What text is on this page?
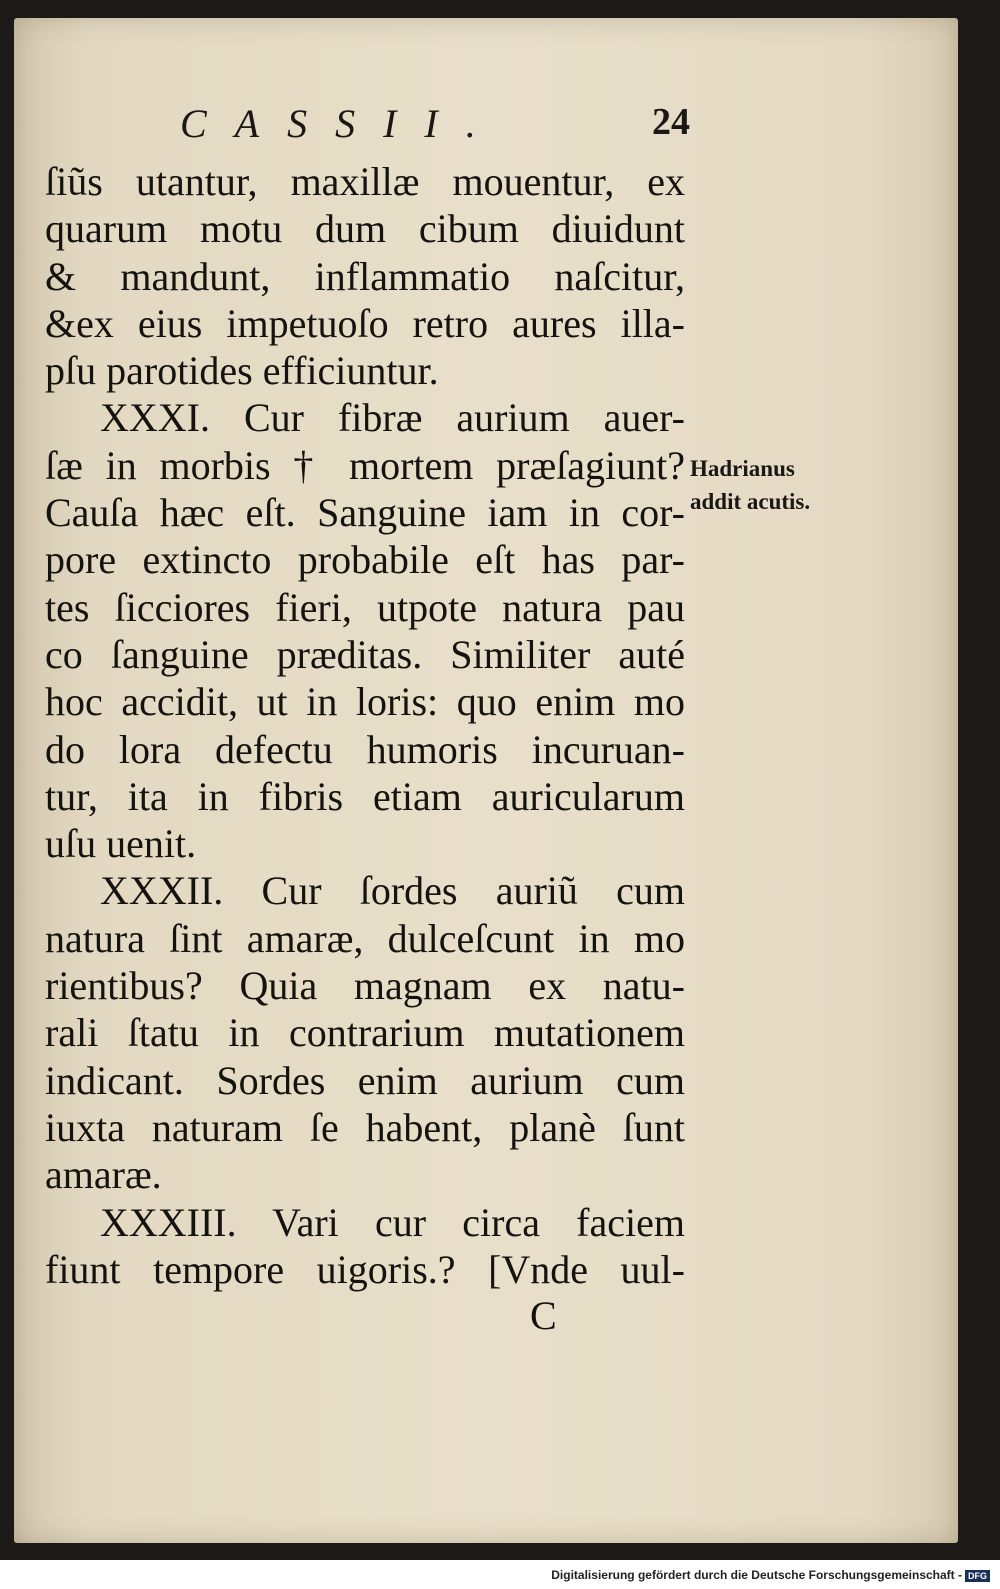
CASSII.	24
ſiũs utantur, maxillæ mouentur, ex
quarum motu dum cibum diuidunt
& mandunt, inflammatio naſcitur,
&ex eius impetuoſo retro aures illa-
pſu parotides efficiuntur.
XXXI. Cur fibræ aurium auer-
ſæ in morbis † mortem præſagiunt?
Cauſa hæc eſt. Sanguine iam in cor-
pore extincto probabile eſt has par-
tes ſicciores fieri, utpote natura pau
co ſanguine præditas. Similiter auté
hoc accidit, ut in loris: quo enim mo
do lora defectu humoris incuruan-
tur, ita in fibris etiam auricularum
uſu uenit.
XXXII. Cur ſordes auriũ cum
natura ſint amaræ, dulceſcunt in mo
rientibus? Quia magnam ex natu-
rali ſtatu in contrarium mutationem
indicant. Sordes enim aurium cum
iuxta naturam ſe habent, planè ſunt
amaræ.
XXXIII. Vari cur circa faciem
fiunt tempore uigoris.? [Vnde uul-
Hadrianus addit acutis.
C
Digitalisierung gefördert durch die Deutsche Forschungsgemeinschaft - DFG
